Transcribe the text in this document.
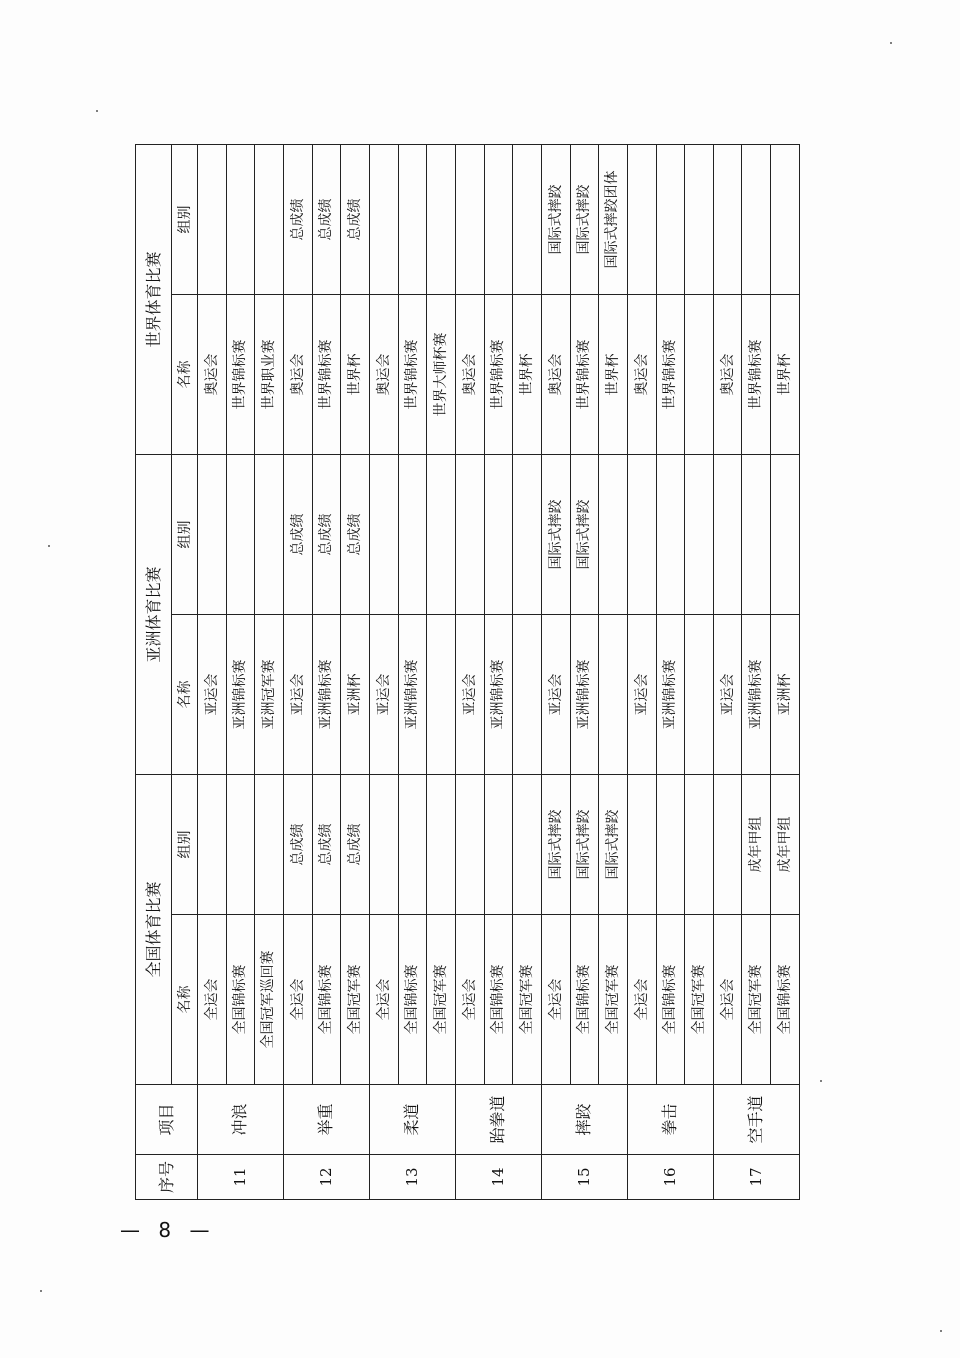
序号	项目	全国体育比赛		亚洲体育比赛		世界体育比赛	
		名称	组别	名称	组别	名称	组别
11	冲浪	全运会		亚运会		奥运会	
		全国锦标赛		亚洲锦标赛		世界锦标赛	
		全国冠军巡回赛		亚洲冠军赛		世界职业赛	
12	举重	全运会	总成绩	亚运会	总成绩	奥运会	总成绩
		全国锦标赛	总成绩	亚洲锦标赛	总成绩	世界锦标赛	总成绩
		全国冠军赛	总成绩	亚洲杯	总成绩	世界杯	总成绩
13	柔道	全运会		亚运会		奥运会	
		全国锦标赛		亚洲锦标赛		世界锦标赛	
		全国冠军赛				世界大师杯赛	
14	跆拳道	全运会		亚运会		奥运会	
		全国锦标赛		亚洲锦标赛		世界锦标赛	
		全国冠军赛				世界杯	
15	摔跤	全运会	国际式摔跤	亚运会	国际式摔跤	奥运会	国际式摔跤
		全国锦标赛	国际式摔跤	亚洲锦标赛	国际式摔跤	世界锦标赛	国际式摔跤
		全国冠军赛	国际式摔跤			世界杯	国际式摔跤团体
16	拳击	全运会		亚运会		奥运会	
		全国锦标赛		亚洲锦标赛		世界锦标赛	
		全国冠军赛					
17	空手道	全运会		亚运会		奥运会	
		全国冠军赛	成年甲组	亚洲锦标赛		世界锦标赛	
		全国锦标赛	成年甲组	亚洲杯		世界杯	
— 8 —
